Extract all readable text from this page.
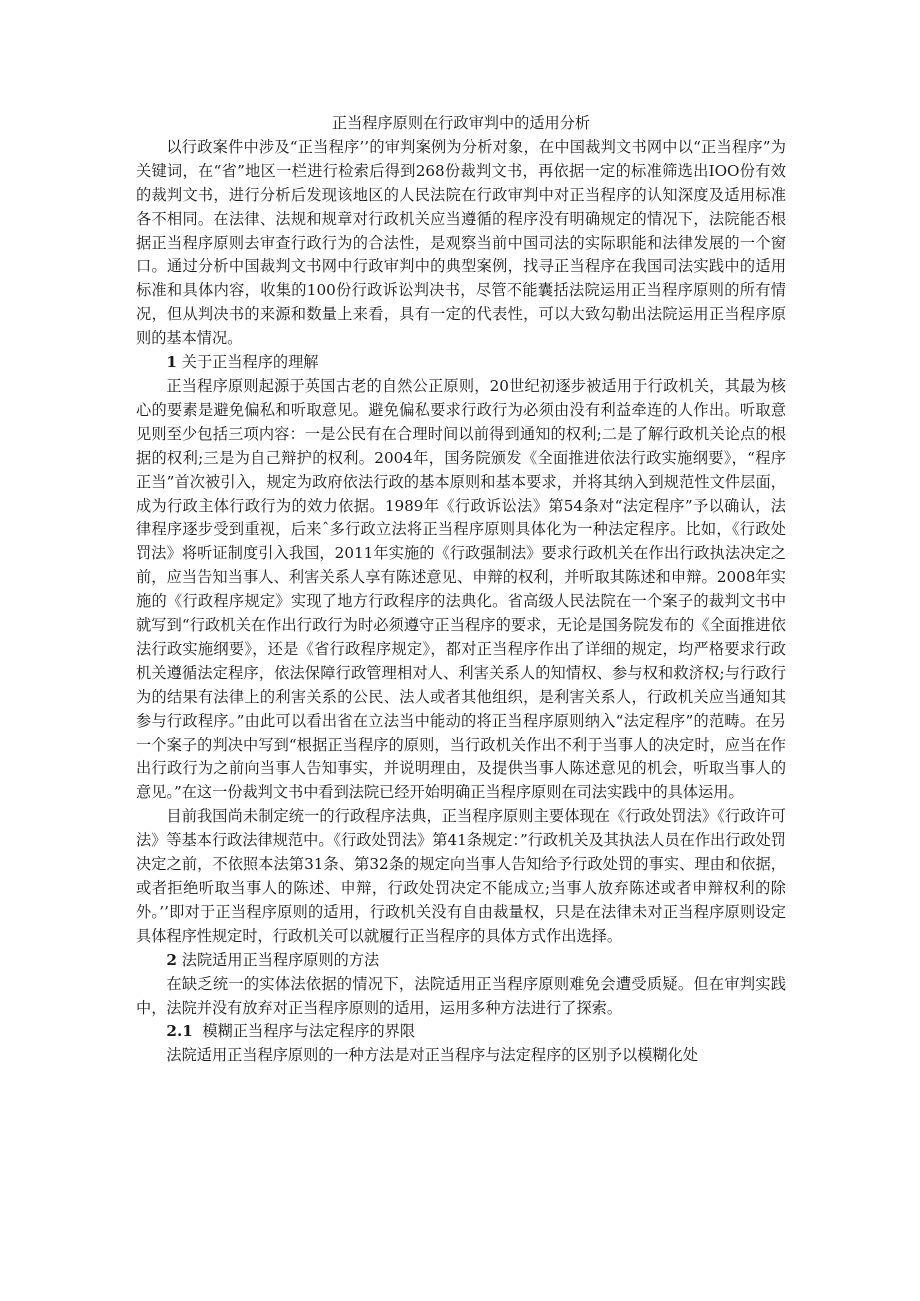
正当程序原则在行政审判中的适用分析

以行政案件中涉及“正当程序’’的审判案例为分析对象，在中国裁判文书网中以“正当程序”为关键词，在“省”地区一栏进行检索后得到268份裁判文书，再依据一定的标准筛选出IOO份有效的裁判文书，进行分析后发现该地区的人民法院在行政审判中对正当程序的认知深度及适用标准各不相同。在法律、法规和规章对行政机关应当遵循的程序没有明确规定的情况下，法院能否根据正当程序原则去审查行政行为的合法性，是观察当前中国司法的实际职能和法律发展的一个窗口。通过分析中国裁判文书网中行政审判中的典型案例，找寻正当程序在我国司法实践中的适用标准和具体内容，收集的100份行政诉讼判决书，尽管不能囊括法院运用正当程序原则的所有情况，但从判决书的来源和数量上来看，具有一定的代表性，可以大致勾勒出法院运用正当程序原则的基本情况。

1 关于正当程序的理解

正当程序原则起源于英国古老的自然公正原则，20世纪初逐步被适用于行政机关，其最为核心的要素是避免偏私和听取意见。避免偏私要求行政行为必须由没有利益牵连的人作出。听取意见则至少包括三项内容：一是公民有在合理时间以前得到通知的权利;二是了解行政机关论点的根据的权利;三是为自己辩护的权利。2004年，国务院颁发《全面推进依法行政实施纲要》，“程序正当”首次被引入，规定为政府依法行政的基本原则和基本要求，并将其纳入到规范性文件层面，成为行政主体行政行为的效力依据。1989年《行政诉讼法》第54条对“法定程序”予以确认，法律程序逐步受到重视，后来ˆ多行政立法将正当程序原则具体化为一种法定程序。比如，《行政处罚法》将听证制度引入我国，2011年实施的《行政强制法》要求行政机关在作出行政执法决定之前，应当告知当事人、利害关系人享有陈述意见、申辩的权利，并听取其陈述和申辩。2008年实施的《行政程序规定》实现了地方行政程序的法典化。省高级人民法院在一个案子的裁判文书中就写到“行政机关在作出行政行为时必须遵守正当程序的要求，无论是国务院发布的《全面推进依法行政实施纲要》，还是《省行政程序规定》，都对正当程序作出了详细的规定，均严格要求行政机关遵循法定程序，依法保障行政管理相对人、利害关系人的知情权、参与权和救济权;与行政行为的结果有法律上的利害关系的公民、法人或者其他组织，是利害关系人，行政机关应当通知其参与行政程序。”由此可以看出省在立法当中能动的将正当程序原则纳入“法定程序”的范畴。在另一个案子的判决中写到“根据正当程序的原则，当行政机关作出不利于当事人的决定时，应当在作出行政行为之前向当事人告知事实，并说明理由，及提供当事人陈述意见的机会，听取当事人的意见。”在这一份裁判文书中看到法院已经开始明确正当程序原则在司法实践中的具体运用。

目前我国尚未制定统一的行政程序法典，正当程序原则主要体现在《行政处罚法》《行政许可法》等基本行政法律规范中。《行政处罚法》第41条规定：”行政机关及其执法人员在作出行政处罚决定之前，不依照本法第31条、第32条的规定向当事人告知给予行政处罚的事实、理由和依据，或者拒绝听取当事人的陈述、申辩，行政处罚决定不能成立;当事人放弃陈述或者申辩权利的除外。’’即对于正当程序原则的适用，行政机关没有自由裁量权，只是在法律未对正当程序原则设定具体程序性规定时，行政机关可以就履行正当程序的具体方式作出选择。

2 法院适用正当程序原则的方法

在缺乏统一的实体法依据的情况下，法院适用正当程序原则难免会遭受质疑。但在审判实践中，法院并没有放弃对正当程序原则的适用，运用多种方法进行了探索。

2.1 模糊正当程序与法定程序的界限

法院适用正当程序原则的一种方法是对正当程序与法定程序的区别予以模糊化处
